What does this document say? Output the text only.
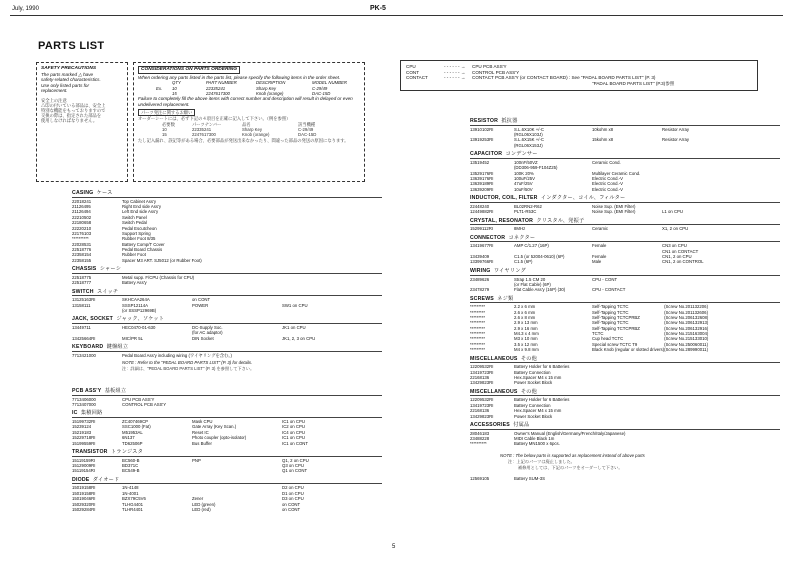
July, 1990	PK-5
PARTS LIST
SAFETY PRECAUTIONS
The parts marked △ have
safety-related characteristics.
Use only listed parts for
replacement.
安全上の注意
△印の付いている部品は、安全上
特別な機能をもっておりますので
交換の際は、指定された部品を
使用しなければなりません。
CONSIDERATIONS ON PARTS ORDERING
When ordering any parts listed in the parts list, please specify the following items in the order sheet.
	QTY	PART NUMBER	DESCRIPTION	MODEL NUMBER
Ex.	10	22335241	Sharp Key	C-29/49
	15	2247617300	Knob (orange)	DAC-15D
Failure to completely fill the above items with correct number and description will result in delayed or even undelivered replacement.
パーツ発注に関するお願い
オーダーシートには、必ず下記の４項目を正確に記入して下さい。（例を参照）
必要数	パーツナンバー	品名	該当機種
10	22335241	Sharp Key	C-29/49
15	2247617300	Knob (orange)	DAC-15D
たし記入漏れ、誤記等がある場合、必要部品が発送出来なかったり、間違った部品の発送の原因になります。
CASING ケース
22018241	Top Cabinet Ass'y
21126495	Right End side Ass'y
21126494	Left End side Ass'y
22210502	Switch Panel
22180658	Switch Pedal
22220210	Pedal Escutcheon
22176103	Support Spring
**********	Rubber Foot 8/35
22028531	Battery Comp/T Cover
22518776	Pedal Board Chassis
22358154	Rubber Foot
22358155	Spacer M3 ART. SJ5012 (or Rubber Foot)
CHASSIS シャーシ
22518775	Metal supp. F/CPU (Chassis for CPU)
22518777	Battery Ass'y
SWITCH スイッチ
13125163RI	SKHCAA264A	on CONT	
13158111	SSSP12114A	POWER	SW1 on CPU
	(or SSSP12969B)		
JACK, SOCKET ジャック、ソケット
13449711	HEC0470-01-630	DC-Supply Soc.	JK1 on CPU
		(for AC adaptor)	
13425664RI	MIC/PR 5L	DIN Socket	JK1, 2, 3 on CPU
KEYBOARD 鍵盤組立
7713421000	Pedal Board Ass'y including wiring (ワイヤリングを含む。)
NOTE : Refer to the "PEDAL BOARD PARTS LIST" (P. 3) for details.
注：詳細は、"PEDAL BOARD PARTS LIST" (P. 3) を参照して下さい。
PCB ASS'Y 基板組立
7713406000	CPU PCB ASS'Y
7713407000	CONTROL PCB ASS'Y
IC 集積回路
15199732RI	ZC407469CP	Mask CPU	IC1 on CPU
15239124	SSC1000 (Fat)	Gate Array (Key Scan.)	IC2 on CPU
15219183	M51953AL	Reset IC	IC4 on CPU
15229718RI	6N137	Photo coupler (opto-isolator)	IC1 on CPU
15199559RI	TD62506P	Bus Buffer	IC1 on CONT
TRANSISTOR トランジスタ
15119159RI	BC560-B	PNP	Q1, 2 on CPU
15129009RI	BD371C		Q3 on CPU
15119154RI	BC549-B		Q1 on CONT
DIODE ダイオード
15019158RI	1N-4148		D2 on CPU
15019158RI	1N-4001		D1 on CPU
15019046RI	BZX79C5V6	Zener	D3 on CPU
15029320RI	TLHG4401	LED (green)	on CONT
15029284RI	TLHR4401	LED (red)	on CONT
CPU	- - - - - - →	CPU PCB ASS'Y
CONT	- - - - - - →	CONTROL PCB ASS'Y
CONTACT	- - - - - - →	CONTACT PCB ASS'Y (or CONTACT BOARD) : See "PADAL BOARD PARTS LIST" (P. 3)
		"PADAL BOARD PARTS LIST" (P.3)参照
RESISTOR 抵抗器
13910102RI	S.L.6X10K +/-C	10kohm x8	Resistor Array
	(RGL06X103J)		
13919253RI	S.L.6X15K +/-C	15kohm x8	Resistor Array
	(RGL06X153J)		
CAPACITOR コンデンサー
13519452	100nF/50VZ	Ceramic Cond.	
	(DD306-959-F104Z25)		
13529176RI	100K 20%	Multilayer Ceramic Cond.	
13639176RI	100uF/25V	Electric Cond.-V	
13639189RI	47uF/25V	Electric Cond.-V	
13639209RI	10uF/50V	Electric Cond.-V	
INDUCTOR, COIL, FILTER インダクター、コイル、フィルター
22448240	BL02RN2-R62	Noise Sup. (EMI Filter)	
12449882RI	PLT1-R53C	Noise Sup. (EMI Filter)	L1 on CPU
CRYSTAL, RESONATOR クリスタル、発振子
15299112RI	8MHz	Ceramic	X1, 2 on CPU
CONNECTOR コネクター
13419677RI	AMP C/1.27 (16P)	Female	CN3 on CPU
			CN1 on CONTACT
13439409	C1.5 (or 52004-0610) (6P)	Female	CN1, 2 on CPU
13399766RI	C1.5 (6P)	Male	CN1, 2 on CONTROL
WIRING ワイヤリング
23489626	Strap 1.5 CM 20	CPU - CONT	
	(or Flat Cable) (6P)		
23478279	Flat Cable Ass'y (16P) (30)	CPU - CONTACT	
SCREWS ネジ類
*********	2.2 x 6 mm	Self-Tapping TCTC	(Screw No.201132206)
*********	2.6 x 6 mm	Self-Tapping TCTC	(Screw No.201132606)
*********	2.6 x 8 mm	Self-Tapping TCTCPRBZ	(Screw No.206132608)
*********	2.9 x 13 mm	Self-Tapping TCTC	(Screw No.206132913)
*********	2.9 x 16 mm	Self-Tapping TCTCPRBZ	(Screw No.206132916)
*********	M4.3 x 4 mm	TCTC	(Screw No.215163004)
*********	M3 x 10 mm	Cup head TCTC	(Screw No.215133010)
*********	3.5 x 12 mm	Special screw TCTC T9	(Screw No.250060011)
*********	M4 x 9.8 mm	Black Knob (regular or slotted drivers)	(Screw No.289990011)
MISCELLANEOUS その他
12209532RI	Battery Holder for 6 Batteries
13419723RI	Battery Connection
22168136	Hex.Spacer M4 x 15 mm
13429823RI	Power Socket Block
MISCELLANEOUS その他
12209532RI	Battery Holder for 6 Batteries
13419723RI	Battery Connection
22168136	Hex.Spacer M4 x 15 mm
13429823RI	Power Socket Block
ACCESSORIES 付属品
28046183	Owner's Manual (English/Germany/French/Italy/Japanese)
23488228	MIDI Cable Black 1m
**********	Battery MN1500 x 6pcs.
NOTE : The below parts is supported as replacement instead of above parts
注：上記のパーツは廃止しました。
補修用としては、下記のパーツをオーダーして下さい。
12569105	Battery SUM-3S
5
